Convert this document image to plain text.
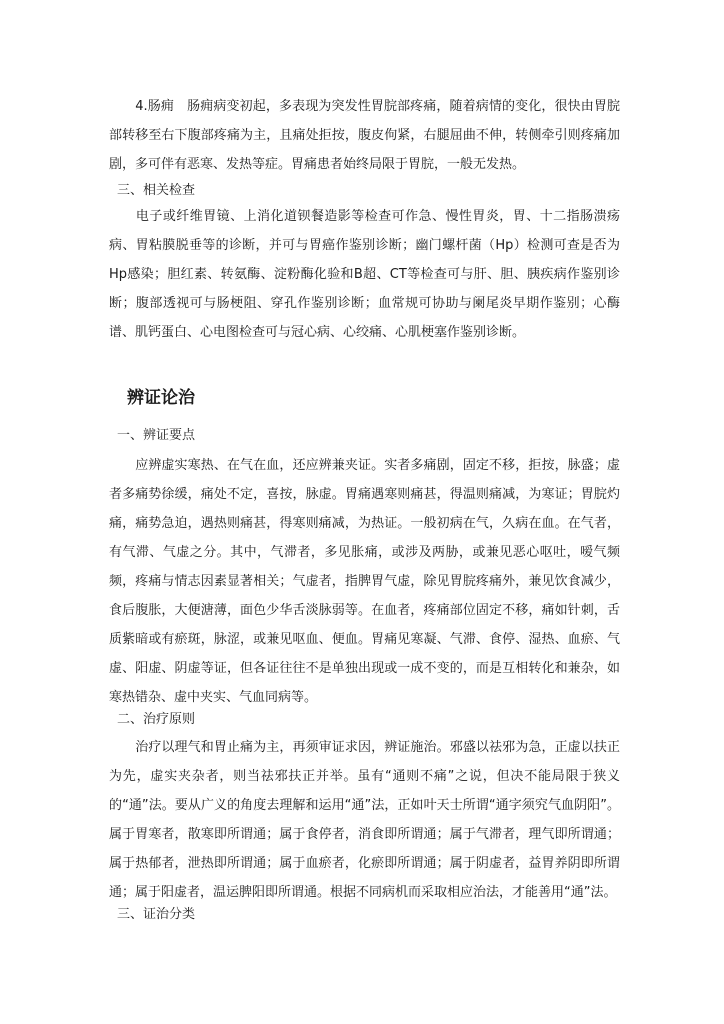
　　4.肠痈　肠痈病变初起，多表现为突发性胃脘部疼痛，随着病情的变化，很快由胃脘部转移至右下腹部疼痛为主，且痛处拒按，腹皮佝紧，右腿屈曲不伸，转侧牵引则疼痛加剧，多可伴有恶寒、发热等症。胃痛患者始终局限于胃脘，一般无发热。

三、相关检查

　　电子或纤维胃镜、上消化道钡餐造影等检查可作急、慢性胃炎，胃、十二指肠溃疡病、胃粘膜脱垂等的诊断，并可与胃癌作鉴别诊断；幽门螺杆菌（Hp）检测可查是否为Hp感染；胆红素、转氨酶、淀粉酶化验和B超、CT等检查可与肝、胆、胰疾病作鉴别诊断；腹部透视可与肠梗阻、穿孔作鉴别诊断；血常规可协助与阑尾炎早期作鉴别；心酶谱、肌钙蛋白、心电图检查可与冠心病、心绞痛、心肌梗塞作鉴别诊断。

辨证论治
一、辨证要点

　　应辨虚实寒热、在气在血，还应辨兼夹证。实者多痛剧，固定不移，拒按，脉盛；虚者多痛势徐缓，痛处不定，喜按，脉虚。胃痛遇寒则痛甚，得温则痛减，为寒证；胃脘灼痛，痛势急迫，遇热则痛甚，得寒则痛减，为热证。一般初病在气，久病在血。在气者，有气滞、气虚之分。其中，气滞者，多见胀痛，或涉及两胁，或兼见恶心呕吐，嗳气频频，疼痛与情志因素显著相关；气虚者，指脾胃气虚，除见胃脘疼痛外，兼见饮食减少，食后腹胀，大便溏薄，面色少华舌淡脉弱等。在血者，疼痛部位固定不移，痛如针刺，舌质紫暗或有瘀斑，脉涩，或兼见呕血、便血。胃痛见寒凝、气滞、食停、湿热、血瘀、气虚、阳虚、阴虚等证，但各证往往不是单独出现或一成不变的，而是互相转化和兼杂，如寒热错杂、虚中夹实、气血同病等。

二、治疗原则

　　治疗以理气和胃止痛为主，再须审证求因，辨证施治。邪盛以祛邪为急，正虚以扶正为先，虚实夹杂者，则当祛邪扶正并举。虽有“通则不痛”之说，但决不能局限于狭义的“通”法。要从广义的角度去理解和运用“通”法，正如叶天士所谓“通字须究气血阴阳”。属于胃寒者，散寒即所谓通；属于食停者，消食即所谓通；属于气滞者，理气即所谓通；属于热郁者，泄热即所谓通；属于血瘀者，化瘀即所谓通；属于阴虚者，益胃养阴即所谓通；属于阳虚者，温运脾阳即所谓通。根据不同病机而采取相应治法，才能善用“通”法。

三、证治分类
